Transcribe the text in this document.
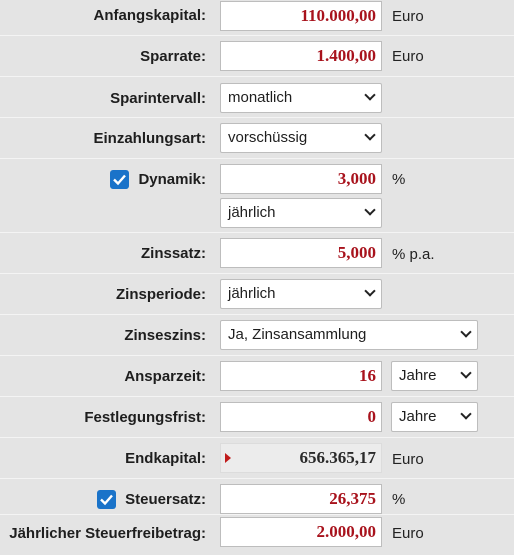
Anfangskapital:	110.000,00	Euro
Sparrate:	1.400,00	Euro
Sparintervall:	monatlich
Einzahlungsart:	vorschüssig
Dynamik:	3,000	%
jährlich
Zinssatz:	5,000	% p.a.
Zinsperiode:	jährlich
Zinseszins:	Ja, Zinsansammlung
Ansparzeit:	16	Jahre
Festlegungsfrist:	0	Jahre
Endkapital:	656.365,17	Euro
Steuersatz:	26,375	%
Jährlicher Steuerfreibetrag:	2.000,00	Euro
